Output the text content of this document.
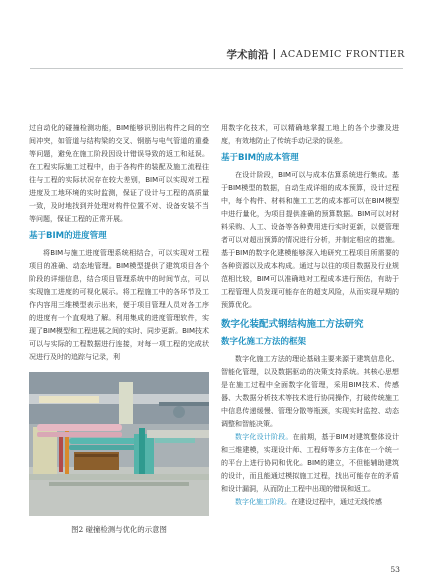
学术前沿 | ACADEMIC FRONTIER

过自动化的碰撞检测功能，BIM能够识别出构件之间的空间冲突，如管道与结构梁的交叉、钢筋与电气管道的重叠等问题，避免在施工阶段因设计错误导致的返工和延误。在工程实际施工过程中，由于各构件的装配及施工流程往往与工程的实际状况存在较大差别，BIM可以实现对工程进度及工地环境的实时监测，保证了设计与工程的高质量一致，及时地找到并处理对构件位置不对、设备安装不当等问题，保证工程的正常开展。

基于BIM的进度管理

将BIM与施工进度管理系统相结合，可以实现对工程项目的准确、动态地管理。BIM模型提供了建筑项目各个阶段的详细信息，结合项目管理系统中的时间节点，可以实现施工进度的可视化展示。将工程施工中的各环节及工作内容用三维模型表示出来，便于项目管理人员对各工序的进度有一个直观地了解。利用集成的进度管理软件，实现了BIM模型和工程进展之间的实时、同步更新。BIM技术可以与实际的工程数据进行连接，对每一项工程的完成状况进行及时的追踪与记录，利

图2 碰撞检测与优化的示意图

用数字化技术，可以精确地掌握工地上的各个步骤及进度，有效地防止了传统手动记录的误差。

基于BIM的成本管理

在设计阶段，BIM可以与成本估算系统进行集成。基于BIM模型的数据，自动生成详细的成本预算，设计过程中，每个构件、材料和施工工艺的成本都可以在BIM模型中进行量化，为项目提供准确的预算数据。BIM可以对材料采购、人工、设备等各种费用进行实时更新，以便管理者可以对超出预算的情况进行分析，并制定相应的措施。基于BIM的数字化建模能够深入地研究工程项目所需要的各种资源以及成本构成。通过与以往的项目数据及行业规范相比较，BIM可以准确地对工程成本进行预估，有助于工程管理人员发现可能存在的超支风险，从而实现早期的预算优化。

数字化装配式钢结构施工方法研究
数字化施工方法的框架

数字化施工方法的理论基础主要来源于建筑信息化、智能化管理，以及数据驱动的决策支持系统。其核心思想是在施工过程中全面数字化管理，采用BIM技术、传感器、大数据分析技术等技术进行协同操作，打破传统施工中信息传递缓慢、管理分散等瓶颈，实现实时监控、动态调整和智能决策。

数字化设计阶段。在前期，基于BIM对建筑整体设计和三维建模，实现设计师、工程师等多方主体在一个统一的平台上进行协同和优化。BIM的建立，不但能辅助建筑的设计，而且能通过模拟施工过程，找出可能存在的矛盾和设计漏洞，从而防止工程中出现的错误和返工。

数字化施工阶段。在建设过程中，通过无线传感

53
